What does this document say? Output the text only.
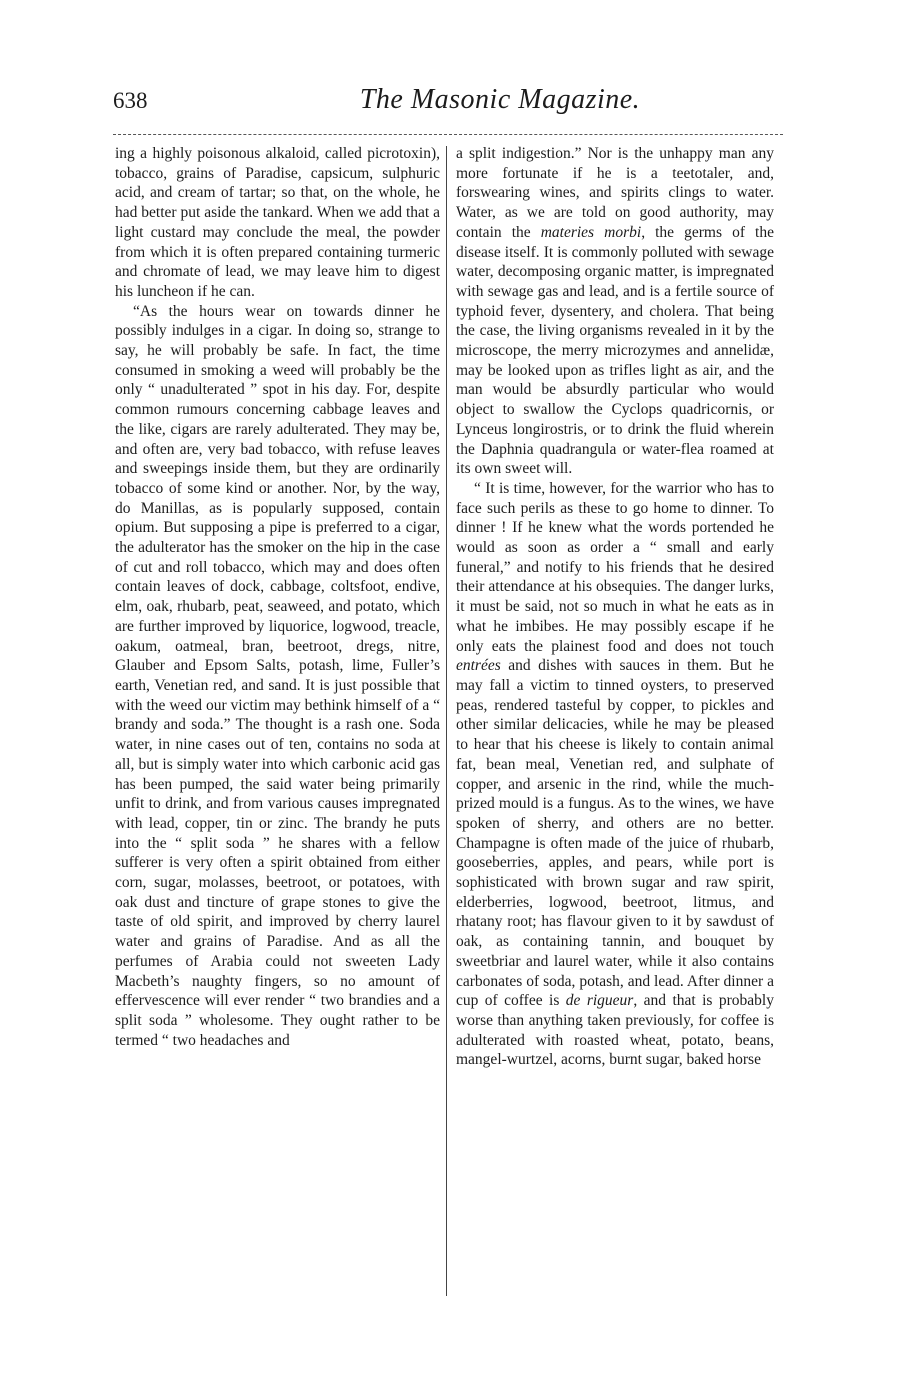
638	The Masonic Magazine.

ing a highly poisonous alkaloid, called picrotoxin), tobacco, grains of Paradise, capsicum, sulphuric acid, and cream of tartar; so that, on the whole, he had better put aside the tankard. When we add that a light custard may conclude the meal, the powder from which it is often prepared containing turmeric and chromate of lead, we may leave him to digest his luncheon if he can.

“As the hours wear on towards dinner he possibly indulges in a cigar. In doing so, strange to say, he will probably be safe. In fact, the time consumed in smoking a weed will probably be the only “ unadulterated ” spot in his day. For, despite common rumours concerning cabbage leaves and the like, cigars are rarely adulterated. They may be, and often are, very bad tobacco, with refuse leaves and sweepings inside them, but they are ordinarily tobacco of some kind or another. Nor, by the way, do Manillas, as is popularly supposed, contain opium. But supposing a pipe is preferred to a cigar, the adulterator has the smoker on the hip in the case of cut and roll tobacco, which may and does often contain leaves of dock, cabbage, coltsfoot, endive, elm, oak, rhubarb, peat, seaweed, and potato, which are further improved by liquorice, logwood, treacle, oakum, oatmeal, bran, beetroot, dregs, nitre, Glauber and Epsom Salts, potash, lime, Fuller’s earth, Venetian red, and sand. It is just possible that with the weed our victim may bethink himself of a “ brandy and soda.” The thought is a rash one. Soda water, in nine cases out of ten, contains no soda at all, but is simply water into which carbonic acid gas has been pumped, the said water being primarily unfit to drink, and from various causes impregnated with lead, copper, tin or zinc. The brandy he puts into the “ split soda ” he shares with a fellow sufferer is very often a spirit obtained from either corn, sugar, molasses, beetroot, or potatoes, with oak dust and tincture of grape stones to give the taste of old spirit, and improved by cherry laurel water and grains of Paradise. And as all the perfumes of Arabia could not sweeten Lady Macbeth’s naughty fingers, so no amount of effervescence will ever render “ two brandies and a split soda ” wholesome. They ought rather to be termed “ two headaches and

a split indigestion.” Nor is the unhappy man any more fortunate if he is a teetotaler, and, forswearing wines, and spirits clings to water. Water, as we are told on good authority, may contain the materies morbi, the germs of the disease itself. It is commonly polluted with sewage water, decomposing organic matter, is impregnated with sewage gas and lead, and is a fertile source of typhoid fever, dysentery, and cholera. That being the case, the living organisms revealed in it by the microscope, the merry microzymes and annelidæ, may be looked upon as trifles light as air, and the man would be absurdly particular who would object to swallow the Cyclops quadricornis, or Lynceus longirostris, or to drink the fluid wherein the Daphnia quadrangula or water-flea roamed at its own sweet will.

“ It is time, however, for the warrior who has to face such perils as these to go home to dinner. To dinner ! If he knew what the words portended he would as soon as order a “ small and early funeral,” and notify to his friends that he desired their attendance at his obsequies. The danger lurks, it must be said, not so much in what he eats as in what he imbibes. He may possibly escape if he only eats the plainest food and does not touch entrées and dishes with sauces in them. But he may fall a victim to tinned oysters, to preserved peas, rendered tasteful by copper, to pickles and other similar delicacies, while he may be pleased to hear that his cheese is likely to contain animal fat, bean meal, Venetian red, and sulphate of copper, and arsenic in the rind, while the much-prized mould is a fungus. As to the wines, we have spoken of sherry, and others are no better. Champagne is often made of the juice of rhubarb, gooseberries, apples, and pears, while port is sophisticated with brown sugar and raw spirit, elderberries, logwood, beetroot, litmus, and rhatany root; has flavour given to it by sawdust of oak, as containing tannin, and bouquet by sweetbriar and laurel water, while it also contains carbonates of soda, potash, and lead. After dinner a cup of coffee is de rigueur, and that is probably worse than anything taken previously, for coffee is adulterated with roasted wheat, potato, beans, mangel-wurtzel, acorns, burnt sugar, baked horse
